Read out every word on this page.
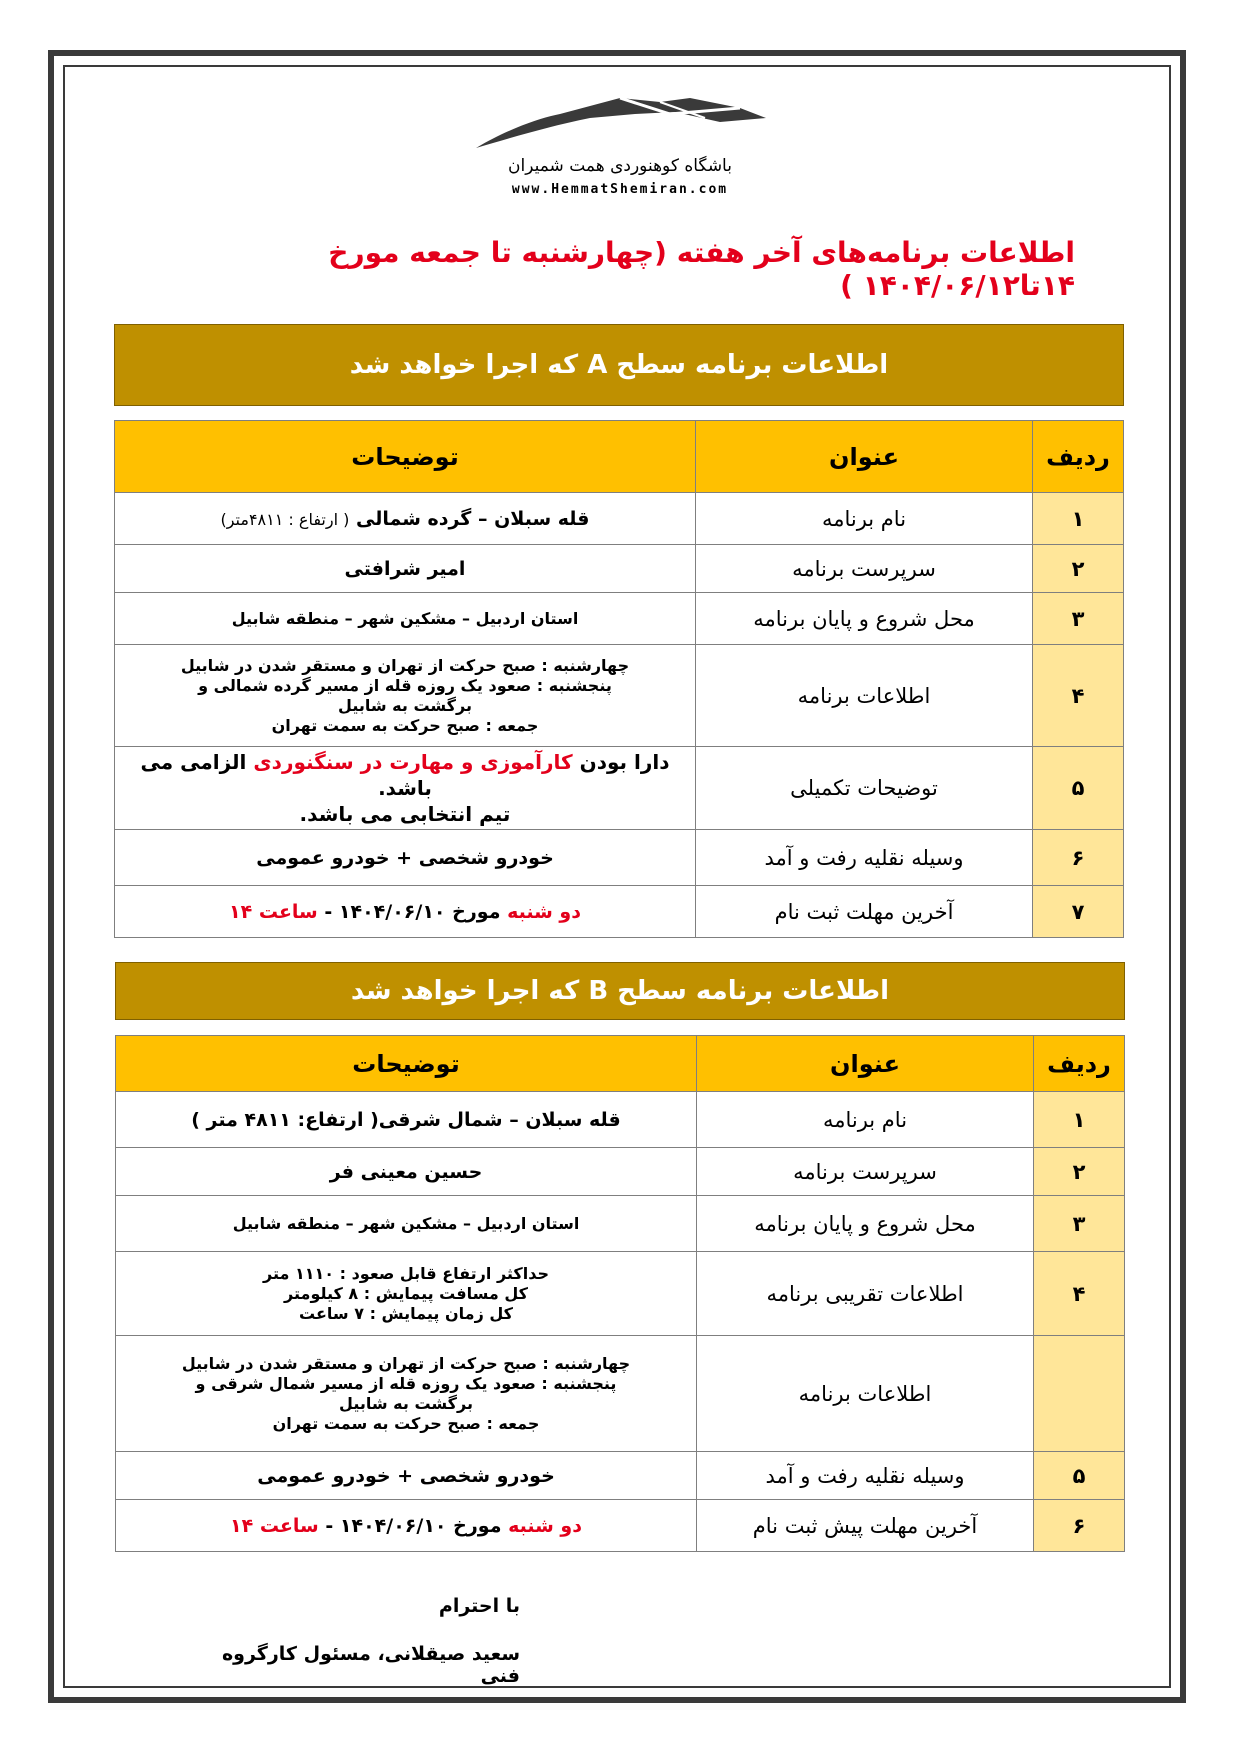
باشگاه کوهنوردی همت شمیران
www.HemmatShemiran.com
اطلاعات برنامه‌های آخر هفته (چهارشنبه تا جمعه مورخ ۱۴تا۱۴۰۴/۰۶/۱۲ )
اطلاعات برنامه سطح A که اجرا خواهد شد
ردیف	عنوان	توضیحات
۱	نام برنامه	قله سبلان – گرده شمالی ( ارتفاع : ۴۸۱۱متر)
۲	سرپرست برنامه	امیر شرافتی
۳	محل شروع و پایان برنامه	استان اردبیل – مشکین شهر – منطقه شابیل
۴	اطلاعات برنامه	چهارشنبه : صبح حرکت از تهران و مستقر شدن در شابیل
پنجشنبه : صعود یک روزه قله از مسیر گرده شمالی و
برگشت به شابیل
جمعه : صبح حرکت به سمت تهران

۵	توضیحات تکمیلی	دارا بودن کارآموزی و مهارت در سنگنوردی الزامی می باشد.
تیم انتخابی می باشد.

۶	وسیله نقلیه رفت و آمد	خودرو شخصی + خودرو عمومی
۷	آخرین مهلت ثبت نام	دو شنبه مورخ ۱۴۰۴/۰۶/۱۰ - ساعت ۱۴
اطلاعات برنامه سطح B که اجرا خواهد شد
ردیف	عنوان	توضیحات
۱	نام برنامه	قله سبلان – شمال شرقی( ارتفاع: ۴۸۱۱ متر )
۲	سرپرست برنامه	حسین معینی فر
۳	محل شروع و پایان برنامه	استان اردبیل – مشکین شهر – منطقه شابیل
۴	اطلاعات تقریبی برنامه	حداکثر ارتفاع قابل صعود : ۱۱۱۰ متر
کل مسافت پیمایش : ۸ کیلومتر
کل زمان پیمایش : ۷ ساعت

	اطلاعات برنامه	چهارشنبه : صبح حرکت از تهران و مستقر شدن در شابیل
پنجشنبه : صعود یک روزه قله از مسیر شمال شرقی و
برگشت به شابیل
جمعه : صبح حرکت به سمت تهران

۵	وسیله نقلیه رفت و آمد	خودرو شخصی + خودرو عمومی
۶	آخرین مهلت پیش ثبت نام	دو شنبه مورخ ۱۴۰۴/۰۶/۱۰ - ساعت ۱۴
با احترام
سعید صیقلانی، مسئول کارگروه فنی
